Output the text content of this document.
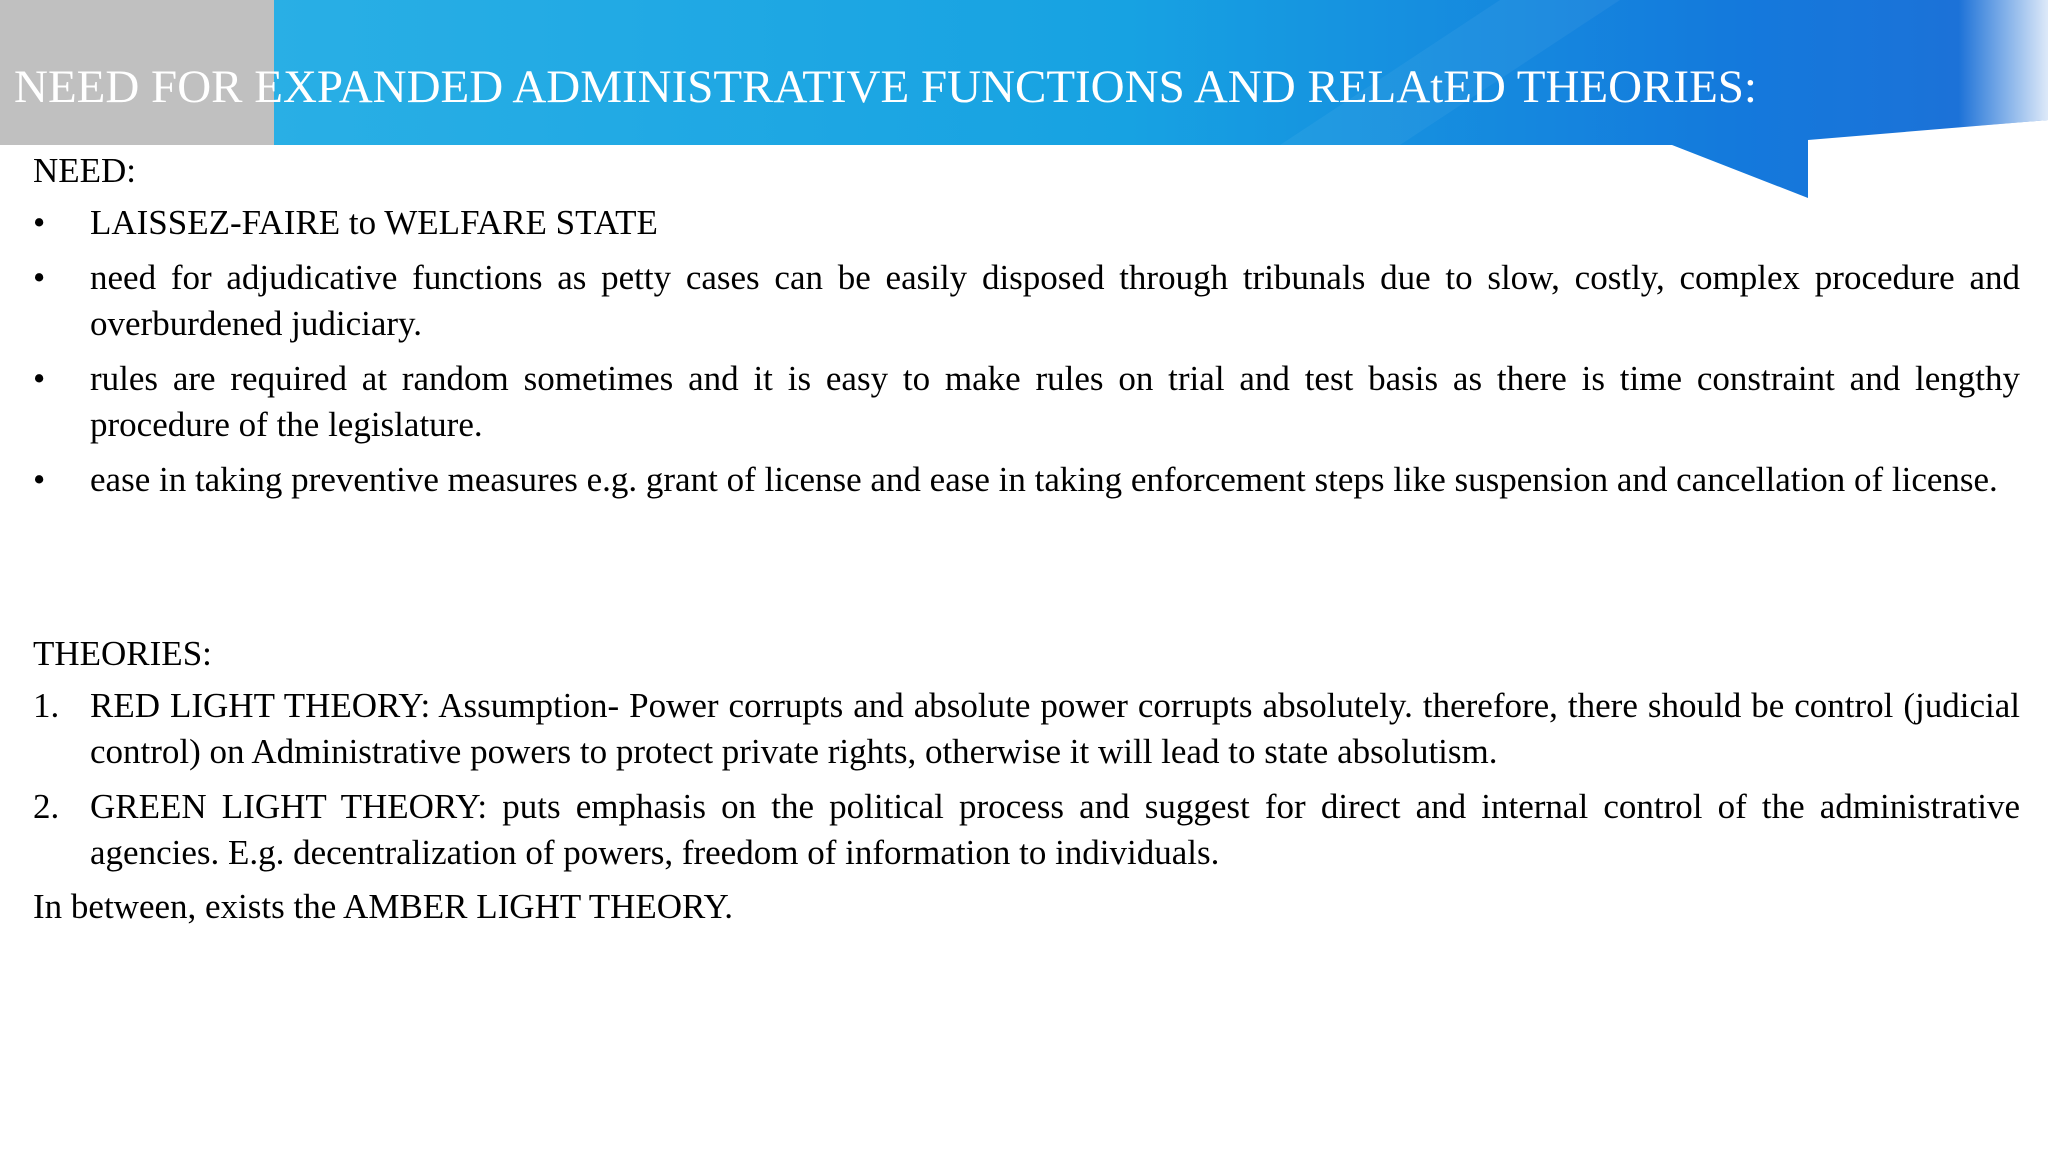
NEED FOR EXPANDED ADMINISTRATIVE FUNCTIONS AND RELAtED THEORIES:
NEED:
• LAISSEZ-FAIRE to WELFARE STATE
• need for adjudicative functions as petty cases can be easily disposed through tribunals due to slow, costly, complex procedure and overburdened judiciary.
• rules are required at random sometimes and it is easy to make rules on trial and test basis as there is time constraint and lengthy procedure of the legislature.
• ease in taking preventive measures e.g. grant of license and ease in taking enforcement steps like suspension and cancellation of license.
THEORIES:
1. RED LIGHT THEORY: Assumption- Power corrupts and absolute power corrupts absolutely. therefore, there should be control (judicial control) on Administrative powers to protect private rights, otherwise it will lead to state absolutism.
2. GREEN LIGHT THEORY: puts emphasis on the political process and suggest for direct and internal control of the administrative agencies. E.g. decentralization of powers, freedom of information to individuals.

In between, exists the AMBER LIGHT THEORY.
